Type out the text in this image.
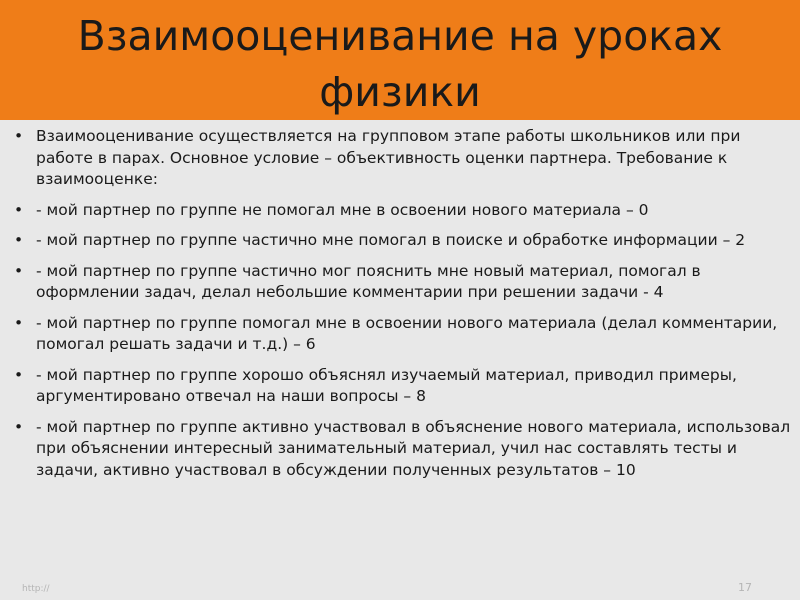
Взаимооценивание на уроках
физики
• Взаимооценивание осуществляется на групповом этапе работы школьников или при работе в парах. Основное условие – объективность оценки партнера. Требование к взаимооценке:
• - мой партнер по группе не помогал мне в освоении нового материала – 0
• - мой партнер по группе частично мне помогал в поиске и обработке информации – 2
• - мой партнер по группе частично мог пояснить мне новый материал, помогал в оформлении задач, делал небольшие комментарии при решении задачи - 4
• - мой партнер по группе помогал мне в освоении нового материала (делал комментарии, помогал решать задачи и т.д.) – 6
• - мой партнер по группе хорошо объяснял изучаемый материал, приводил примеры, аргументировано отвечал на наши вопросы – 8
• - мой партнер по группе активно участвовал в объяснение нового материала, использовал при объяснении интересный занимательный материал, учил нас составлять тесты и задачи, активно участвовал в обсуждении полученных результатов – 10
http://	17
